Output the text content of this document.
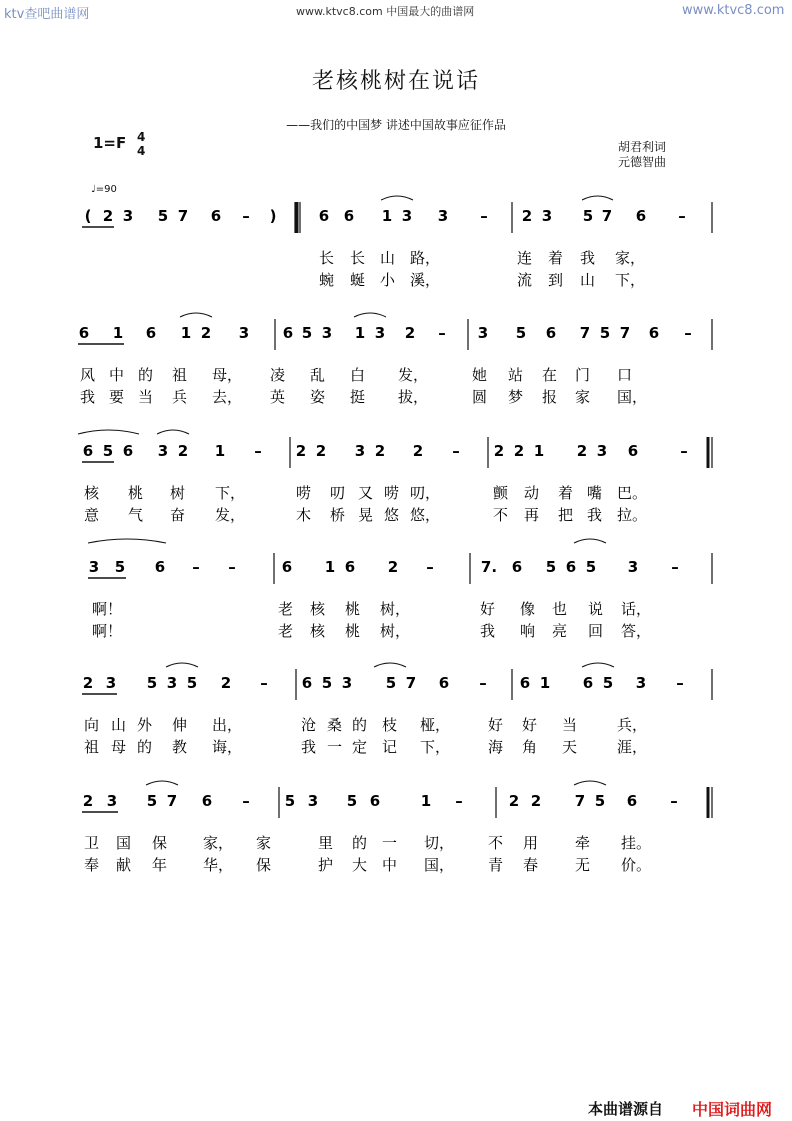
ktv查吧曲谱网	www.ktvc8.com 中国最大的曲谱网	www.ktvc8.com
老核桃树在说话
——我们的中国梦 讲述中国故事应征作品
1=F 4
4	胡君利词
元德智曲
♩=90
( 2 3 5 7 6 – )	6 6 1 3 3 – 2 3 5 7 6 –
长 长 山 路，	连 着 我 家，
蜿 蜒 小 溪，	流 到 山 下，
6 1 6 1 2 3 6 5 3 1 3 2 – 3 5 6 7 5 7 6 –
风 中 的 祖 母， 凌 乱 白 发，	她 站 在 门 口
我 要 当 兵 去， 英 姿 挺 拔，	圆 梦 报 家 国，
6 5 6 3 2 1 – 2 2 3 2 2 – 2 2 1 2 3 6	–
核 桃 树 下，	唠 叨 又 唠 叨，	颤 动 着 嘴 巴。
意 气 奋 发，	木 桥 晃 悠 悠，	不 再 把 我 拉。
3 5 6 – –	6 1 6 2 –	7. 6 5 6 5 3 –
啊！	老 核 桃 树，	好 像 也 说 话，
啊！	老 核 桃 树，	我 响 亮 回 答，
2 3 5 3 5 2 – 6 5 3 5 7 6 – 6 1 6 5 3 –
向 山 外 伸 出，	沧 桑 的 枝 桠，	好 好 当	兵，
祖 母 的 教 诲，	我 一 定 记 下，	海 角 天	涯，
2 3 5 7 6 – 5 3 5 6	1 –	2 2 7 5 6 –
卫 国 保 家， 家	里 的 一 切， 不 用 牵 挂。
奉 献 年 华， 保	护 大 中 国， 青 春 无 价。
本曲谱源自 中国词曲网
